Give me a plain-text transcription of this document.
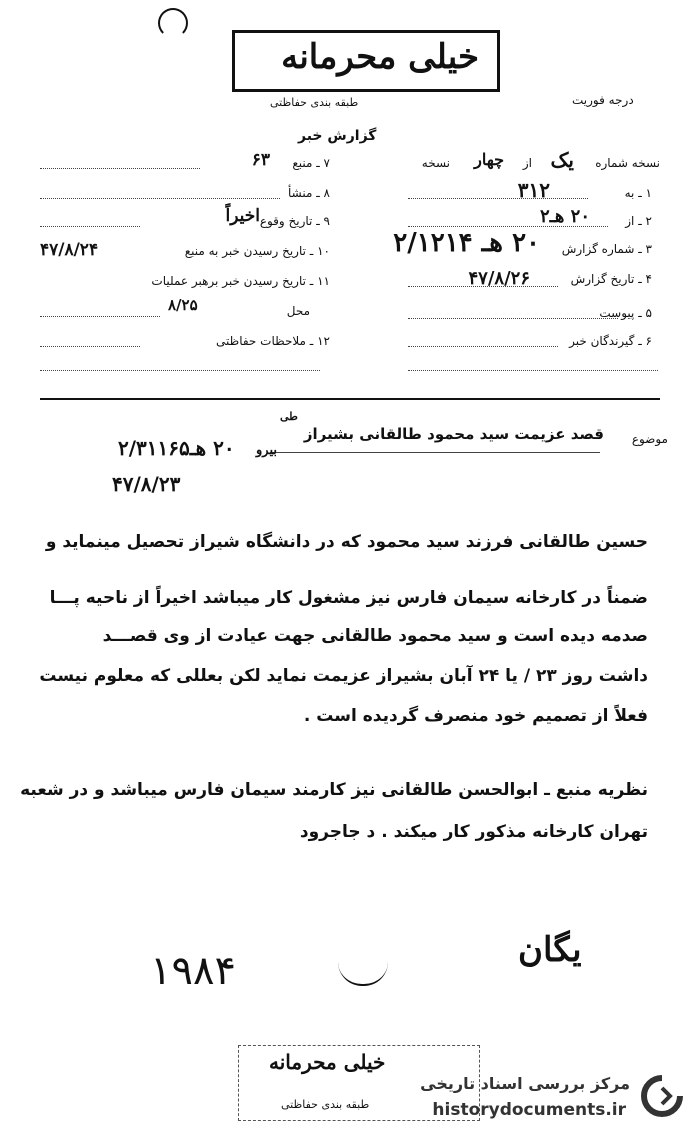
خیلی محرمانه
طبقه بندی حفاظتی	درجه فوریت
گزارش خبر
نسخه شماره
یک
از
چهار
نسخه
۱ ـ به
۳۱۲
۲ ـ از
۲۰ هـ۲
۳ ـ شماره گزارش
۲۰ هـ ۲/۱۲۱۴
۴ ـ تاریخ گزارش
۴۷/۸/۲۶
۵ ـ پیوست
۶ ـ گیرندگان خبر
۷ ـ منبع
۶۳
۸ ـ منشأ
۹ ـ تاریخ وقوع
اخیراً
۱۰ ـ تاریخ رسیدن خبر به منبع
۴۷/۸/۲۴
۱۱ ـ تاریخ رسیدن خبر برهبر عملیات
محل
۸/۲۵
۱۲ ـ ملاحظات حفاظتی
موضوع
قصد عزیمت سید محمود طالقانی بشیراز
طی
بیرو
۲۰ هـ۲/۳۱۱۶۵
۴۷/۸/۲۳
حسین طالقانی فرزند سید محمود که در دانشگاه شیراز تحصیل مینماید و
ضمناً در کارخانه سیمان فارس نیز مشغول کار میباشد اخیراً از ناحیه پـــا
صدمه دیده است و سید محمود طالقانی جهت عیادت از وی قصـــد
داشت روز ۲۳ / یا ۲۴ آبان بشیراز عزیمت نماید لکن بعللی که معلوم نیست
فعلاً از تصمیم خود منصرف گردیده است .
نظریه منبع ـ ابوالحسن طالقانی نیز کارمند سیمان فارس میباشد و در شعبه
تهران کارخانه مذکور کار میکند . د جاجرود
۱۹۸۴	یگان
خیلی محرمانه
طبقه بندی حفاظتی
مرکز بررسی اسناد تاریخی
historydocuments.ir
